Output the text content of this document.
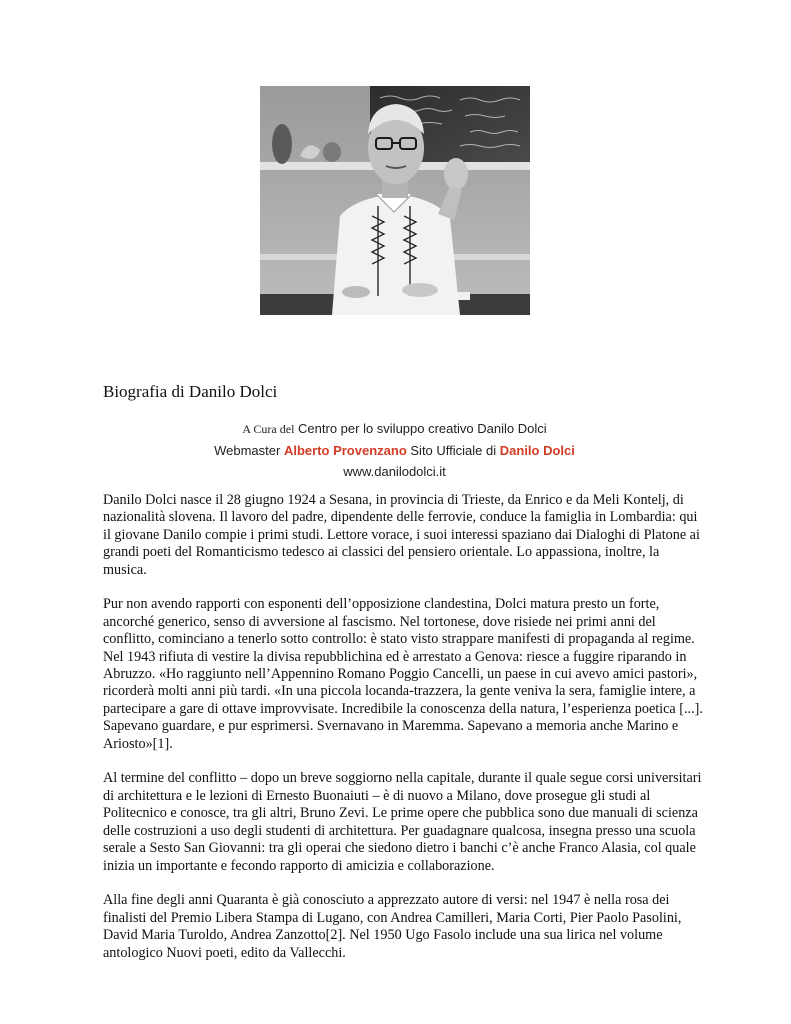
Biografia di Danilo Dolci
A Cura del Centro per lo sviluppo creativo Danilo Dolci
Webmaster Alberto Provenzano Sito Ufficiale di Danilo Dolci
www.danilodolci.it

Danilo Dolci nasce il 28 giugno 1924 a Sesana, in provincia di Trieste, da Enrico e da Meli Kontelj, di nazionalità slovena. Il lavoro del padre, dipendente delle ferrovie, conduce la famiglia in Lombardia: qui il giovane Danilo compie i primi studi. Lettore vorace, i suoi interessi spaziano dai Dialoghi di Platone ai grandi poeti del Romanticismo tedesco ai classici del pensiero orientale. Lo appassiona, inoltre, la musica.

Pur non avendo rapporti con esponenti dell’opposizione clandestina, Dolci matura presto un forte, ancorché generico, senso di avversione al fascismo. Nel tortonese, dove risiede nei primi anni del conflitto, cominciano a tenerlo sotto controllo: è stato visto strappare manifesti di propaganda al regime. Nel 1943 rifiuta di vestire la divisa repubblichina ed è arrestato a Genova: riesce a fuggire riparando in Abruzzo. «Ho raggiunto nell’Appennino Romano Poggio Cancelli, un paese in cui avevo amici pastori», ricorderà molti anni più tardi. «In una piccola locanda-trazzera, la gente veniva la sera, famiglie intere, a partecipare a gare di ottave improvvisate. Incredibile la conoscenza della natura, l’esperienza poetica [...]. Sapevano guardare, e pur esprimersi. Svernavano in Maremma. Sapevano a memoria anche Marino e Ariosto»[1].

Al termine del conflitto – dopo un breve soggiorno nella capitale, durante il quale segue corsi universitari di architettura e le lezioni di Ernesto Buonaiuti – è di nuovo a Milano, dove prosegue gli studi al Politecnico e conosce, tra gli altri, Bruno Zevi. Le prime opere che pubblica sono due manuali di scienza delle costruzioni a uso degli studenti di architettura. Per guadagnare qualcosa, insegna presso una scuola serale a Sesto San Giovanni: tra gli operai che siedono dietro i banchi c’è anche Franco Alasia, col quale inizia un importante e fecondo rapporto di amicizia e collaborazione.

Alla fine degli anni Quaranta è già conosciuto a apprezzato autore di versi: nel 1947 è nella rosa dei finalisti del Premio Libera Stampa di Lugano, con Andrea Camilleri, Maria Corti, Pier Paolo Pasolini, David Maria Turoldo, Andrea Zanzotto[2]. Nel 1950 Ugo Fasolo include una sua lirica nel volume antologico Nuovi poeti, edito da Vallecchi.
